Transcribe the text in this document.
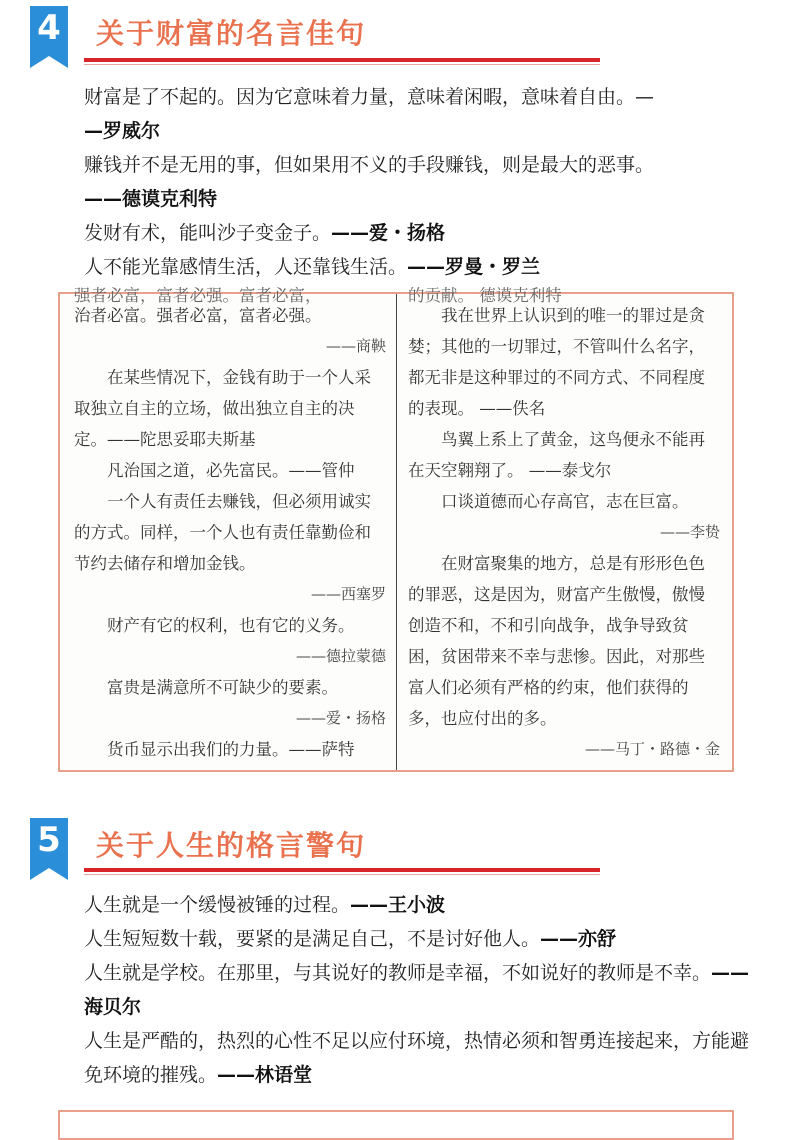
4 关于财富的名言佳句

财富是了不起的。因为它意味着力量，意味着闲暇，意味着自由。—
—罗威尔

赚钱并不是无用的事，但如果用不义的手段赚钱，则是最大的恶事。
——德谟克利特

发财有术，能叫沙子变金子。——爱・扬格

人不能光靠感情生活，人还靠钱生活。——罗曼・罗兰

强者必富，富者必强。富者必富，

治者必富。强者必富，富者必强。

——商鞅

在某些情况下，金钱有助于一个人采取独立自主的立场，做出独立自主的决定。——陀思妥耶夫斯基

凡治国之道，必先富民。——管仲

一个人有责任去赚钱，但必须用诚实的方式。同样，一个人也有责任靠勤俭和节约去储存和增加金钱。

——西塞罗

财产有它的权利，也有它的义务。

——德拉蒙德

富贵是满意所不可缺少的要素。

——爱・扬格

货币显示出我们的力量。——萨特

的贡献。 德谟克利特

我在世界上认识到的唯一的罪过是贪婪；其他的一切罪过，不管叫什么名字，都无非是这种罪过的不同方式、不同程度的表现。 ——佚名

鸟翼上系上了黄金，这鸟便永不能再在天空翱翔了。 ——泰戈尔

口谈道德而心存高官，志在巨富。

——李贽

在财富聚集的地方，总是有形形色色的罪恶，这是因为，财富产生傲慢，傲慢创造不和，不和引向战争，战争导致贫困，贫困带来不幸与悲惨。因此，对那些富人们必须有严格的约束，他们获得的多，也应付出的多。

——马丁・路德・金

5 关于人生的格言警句

人生就是一个缓慢被锤的过程。——王小波

人生短短数十载，要紧的是满足自己，不是讨好他人。——亦舒

人生就是学校。在那里，与其说好的教师是幸福，不如说好的教师是不幸。——海贝尔

人生是严酷的，热烈的心性不足以应付环境，热情必须和智勇连接起来，方能避免环境的摧残。——林语堂
